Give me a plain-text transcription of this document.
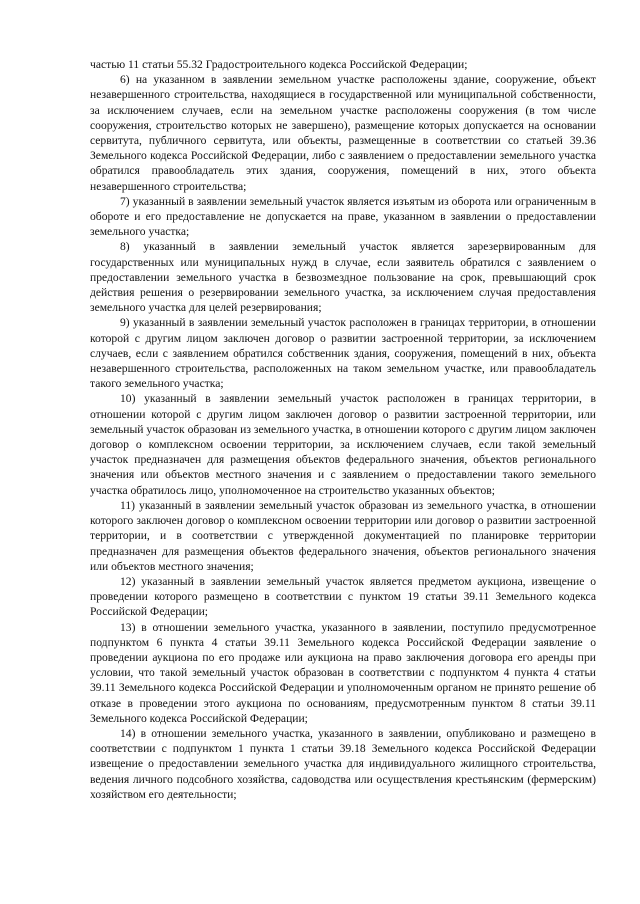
частью 11 статьи 55.32 Градостроительного кодекса Российской Федерации;

6) на указанном в заявлении земельном участке расположены здание, сооружение, объект незавершенного строительства, находящиеся в государственной или муниципальной собственности, за исключением случаев, если на земельном участке расположены сооружения (в том числе сооружения, строительство которых не завершено), размещение которых допускается на основании сервитута, публичного сервитута, или объекты, размещенные в соответствии со статьей 39.36 Земельного кодекса Российской Федерации, либо с заявлением о предоставлении земельного участка обратился правообладатель этих здания, сооружения, помещений в них, этого объекта незавершенного строительства;

7) указанный в заявлении земельный участок является изъятым из оборота или ограниченным в обороте и его предоставление не допускается на праве, указанном в заявлении о предоставлении земельного участка;

8) указанный в заявлении земельный участок является зарезервированным для государственных или муниципальных нужд в случае, если заявитель обратился с заявлением о предоставлении земельного участка в безвозмездное пользование на срок, превышающий срок действия решения о резервировании земельного участка, за исключением случая предоставления земельного участка для целей резервирования;

9) указанный в заявлении земельный участок расположен в границах территории, в отношении которой с другим лицом заключен договор о развитии застроенной территории, за исключением случаев, если с заявлением обратился собственник здания, сооружения, помещений в них, объекта незавершенного строительства, расположенных на таком земельном участке, или правообладатель такого земельного участка;

10) указанный в заявлении земельный участок расположен в границах территории, в отношении которой с другим лицом заключен договор о развитии застроенной территории, или земельный участок образован из земельного участка, в отношении которого с другим лицом заключен договор о комплексном освоении территории, за исключением случаев, если такой земельный участок предназначен для размещения объектов федерального значения, объектов регионального значения или объектов местного значения и с заявлением о предоставлении такого земельного участка обратилось лицо, уполномоченное на строительство указанных объектов;

11) указанный в заявлении земельный участок образован из земельного участка, в отношении которого заключен договор о комплексном освоении территории или договор о развитии застроенной территории, и в соответствии с утвержденной документацией по планировке территории предназначен для размещения объектов федерального значения, объектов регионального значения или объектов местного значения;

12) указанный в заявлении земельный участок является предметом аукциона, извещение о проведении которого размещено в соответствии с пунктом 19 статьи 39.11 Земельного кодекса Российской Федерации;

13) в отношении земельного участка, указанного в заявлении, поступило предусмотренное подпунктом 6 пункта 4 статьи 39.11 Земельного кодекса Российской Федерации заявление о проведении аукциона по его продаже или аукциона на право заключения договора его аренды при условии, что такой земельный участок образован в соответствии с подпунктом 4 пункта 4 статьи 39.11 Земельного кодекса Российской Федерации и уполномоченным органом не принято решение об отказе в проведении этого аукциона по основаниям, предусмотренным пунктом 8 статьи 39.11 Земельного кодекса Российской Федерации;

14) в отношении земельного участка, указанного в заявлении, опубликовано и размещено в соответствии с подпунктом 1 пункта 1 статьи 39.18 Земельного кодекса Российской Федерации извещение о предоставлении земельного участка для индивидуального жилищного строительства, ведения личного подсобного хозяйства, садоводства или осуществления крестьянским (фермерским) хозяйством его деятельности;
